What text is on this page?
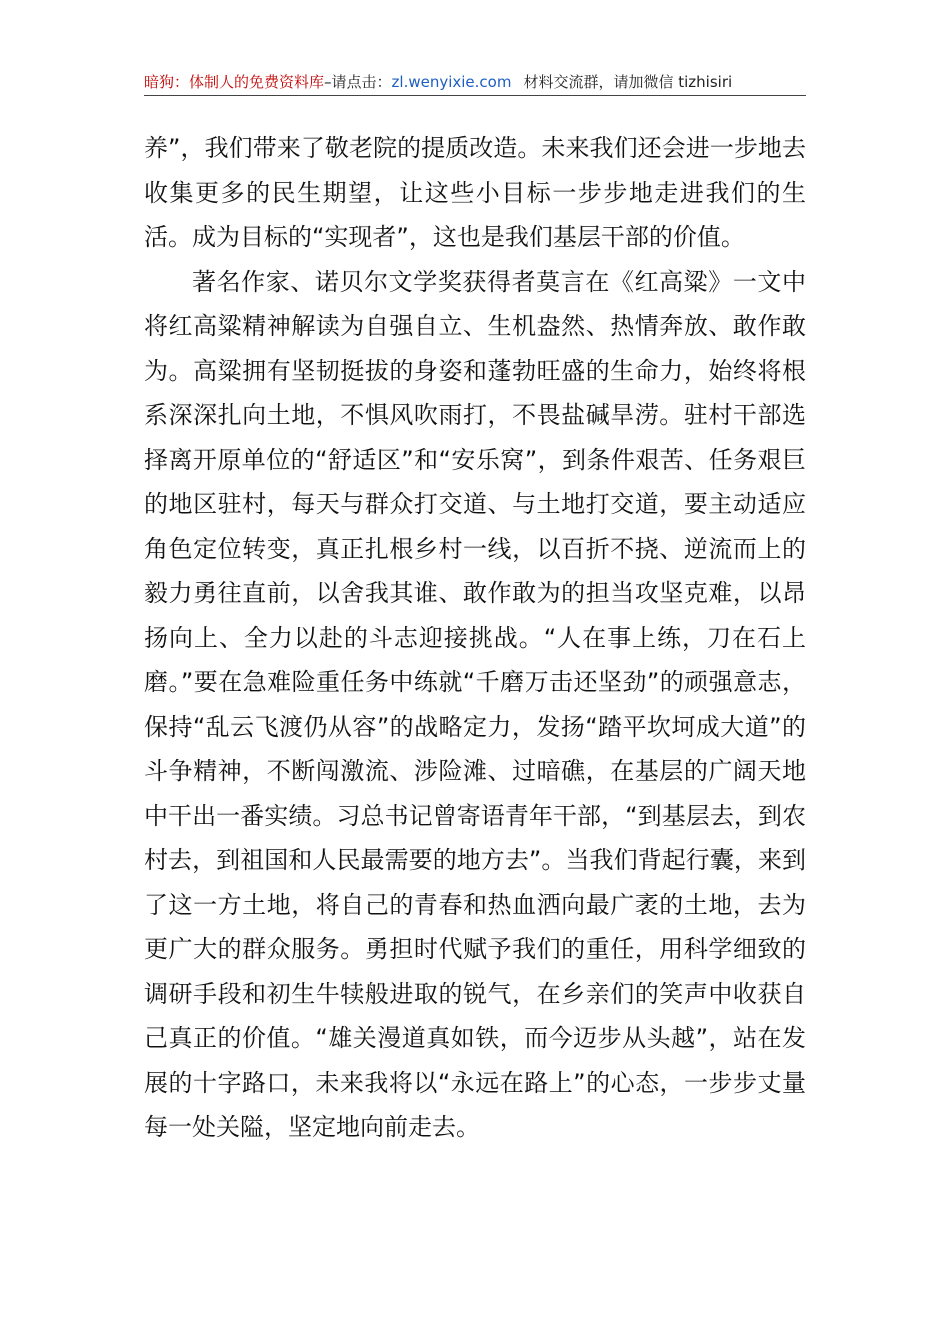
暗狗：体制人的免费资料库–请点击：zl.wenyixie.com 材料交流群，请加微信 tizhisiri

养”，我们带来了敬老院的提质改造。未来我们还会进一步地去收集更多的民生期望，让这些小目标一步步地走进我们的生活。成为目标的“实现者”，这也是我们基层干部的价值。

著名作家、诺贝尔文学奖获得者莫言在《红高粱》一文中将红高粱精神解读为自强自立、生机盎然、热情奔放、敢作敢为。高粱拥有坚韧挺拔的身姿和蓬勃旺盛的生命力，始终将根系深深扎向土地，不惧风吹雨打，不畏盐碱旱涝。驻村干部选择离开原单位的“舒适区”和“安乐窝”，到条件艰苦、任务艰巨的地区驻村，每天与群众打交道、与土地打交道，要主动适应角色定位转变，真正扎根乡村一线，以百折不挠、逆流而上的毅力勇往直前，以舍我其谁、敢作敢为的担当攻坚克难，以昂扬向上、全力以赴的斗志迎接挑战。“人在事上练，刀在石上磨。”要在急难险重任务中练就“千磨万击还坚劲”的顽强意志，保持“乱云飞渡仍从容”的战略定力，发扬“踏平坎坷成大道”的斗争精神，不断闯激流、涉险滩、过暗礁，在基层的广阔天地中干出一番实绩。习总书记曾寄语青年干部，“到基层去，到农村去，到祖国和人民最需要的地方去”。当我们背起行囊，来到了这一方土地，将自己的青春和热血洒向最广袤的土地，去为更广大的群众服务。勇担时代赋予我们的重任，用科学细致的调研手段和初生牛犊般进取的锐气，在乡亲们的笑声中收获自己真正的价值。“雄关漫道真如铁，而今迈步从头越”，站在发展的十字路口，未来我将以“永远在路上”的心态，一步步丈量每一处关隘，坚定地向前走去。
